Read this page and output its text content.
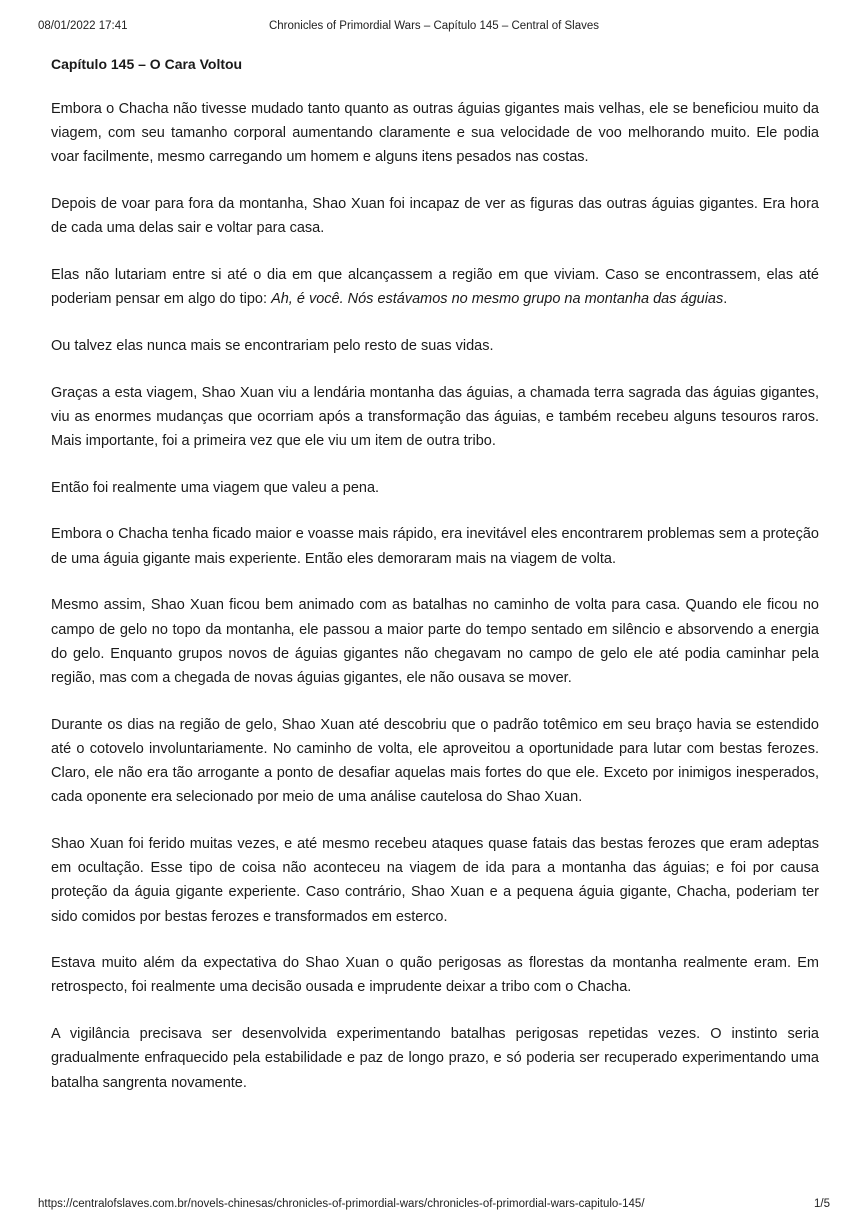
08/01/2022 17:41	Chronicles of Primordial Wars – Capítulo 145 – Central of Slaves
Capítulo 145 – O Cara Voltou

Embora o Chacha não tivesse mudado tanto quanto as outras águias gigantes mais velhas, ele se beneficiou muito da viagem, com seu tamanho corporal aumentando claramente e sua velocidade de voo melhorando muito. Ele podia voar facilmente, mesmo carregando um homem e alguns itens pesados nas costas.

Depois de voar para fora da montanha, Shao Xuan foi incapaz de ver as figuras das outras águias gigantes. Era hora de cada uma delas sair e voltar para casa.

Elas não lutariam entre si até o dia em que alcançassem a região em que viviam. Caso se encontrassem, elas até poderiam pensar em algo do tipo: Ah, é você. Nós estávamos no mesmo grupo na montanha das águias.

Ou talvez elas nunca mais se encontrariam pelo resto de suas vidas.

Graças a esta viagem, Shao Xuan viu a lendária montanha das águias, a chamada terra sagrada das águias gigantes, viu as enormes mudanças que ocorriam após a transformação das águias, e também recebeu alguns tesouros raros. Mais importante, foi a primeira vez que ele viu um item de outra tribo.

Então foi realmente uma viagem que valeu a pena.

Embora o Chacha tenha ficado maior e voasse mais rápido, era inevitável eles encontrarem problemas sem a proteção de uma águia gigante mais experiente. Então eles demoraram mais na viagem de volta.

Mesmo assim, Shao Xuan ficou bem animado com as batalhas no caminho de volta para casa. Quando ele ficou no campo de gelo no topo da montanha, ele passou a maior parte do tempo sentado em silêncio e absorvendo a energia do gelo. Enquanto grupos novos de águias gigantes não chegavam no campo de gelo ele até podia caminhar pela região, mas com a chegada de novas águias gigantes, ele não ousava se mover.

Durante os dias na região de gelo, Shao Xuan até descobriu que o padrão totêmico em seu braço havia se estendido até o cotovelo involuntariamente. No caminho de volta, ele aproveitou a oportunidade para lutar com bestas ferozes. Claro, ele não era tão arrogante a ponto de desafiar aquelas mais fortes do que ele. Exceto por inimigos inesperados, cada oponente era selecionado por meio de uma análise cautelosa do Shao Xuan.

Shao Xuan foi ferido muitas vezes, e até mesmo recebeu ataques quase fatais das bestas ferozes que eram adeptas em ocultação. Esse tipo de coisa não aconteceu na viagem de ida para a montanha das águias; e foi por causa proteção da águia gigante experiente. Caso contrário, Shao Xuan e a pequena águia gigante, Chacha, poderiam ter sido comidos por bestas ferozes e transformados em esterco.

Estava muito além da expectativa do Shao Xuan o quão perigosas as florestas da montanha realmente eram. Em retrospecto, foi realmente uma decisão ousada e imprudente deixar a tribo com o Chacha.

A vigilância precisava ser desenvolvida experimentando batalhas perigosas repetidas vezes. O instinto seria gradualmente enfraquecido pela estabilidade e paz de longo prazo, e só poderia ser recuperado experimentando uma batalha sangrenta novamente.

https://centralofslaves.com.br/novels-chinesas/chronicles-of-primordial-wars/chronicles-of-primordial-wars-capitulo-145/	1/5
